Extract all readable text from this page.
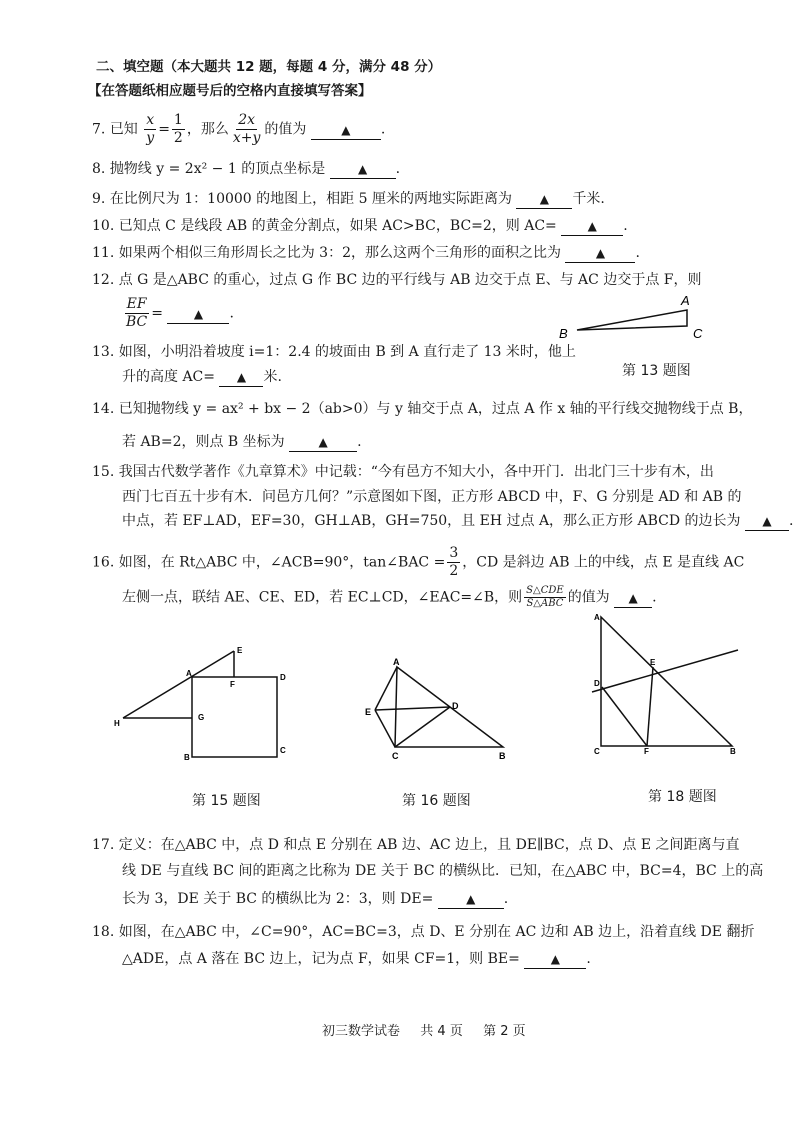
二、填空题（本大题共 12 题，每题 4 分，满分 48 分）
【在答题纸相应题号后的空格内直接填写答案】
7. 已知 $\frac{x}{y} = \frac{1}{2}$ ，那么 $\frac{2x}{x+y}$ 的值为	▲ .
8. 抛物线 y = 2x² − 1 的顶点坐标是	▲ .
9. 在比例尺为 1：10000 的地图上，相距 5 厘米的两地实际距离为 ▲ 千米.
10. 已知点 C 是线段 AB 的黄金分割点，如果 AC>BC，BC=2，则 AC=	▲ .
11. 如果两个相似三角形周长之比为 3：2，那么这两个三角形的面积之比为	▲ .
12. 点 G 是△ABC 的重心，过点 G 作 BC 边的平行线与 AB 边交于点 E、与 AC 边交于点 F，则
$\frac{EF}{BC}$ =	▲ .
A
B	C
13. 如图，小明沿着坡度 i=1：2.4 的坡面由 B 到 A 直行走了 13 米时，他上
升的高度 AC= ▲ 米.	第 13 题图
14. 已知抛物线 y = ax² + bx − 2（ab>0）与 y 轴交于点 A，过点 A 作 x 轴的平行线交抛物线于点 B，
若 AB=2，则点 B 坐标为	▲ .
15. 我国古代数学著作《九章算术》中记载：“今有邑方不知大小，各中开门．出北门三十步有木，出
西门七百五十步有木．问邑方几何？”示意图如下图，正方形 ABCD 中，F、G 分别是 AD 和 AB 的
中点，若 EF⊥AD，EF=30，GH⊥AB，GH=750，且 EH 过点 A，那么正方形 ABCD 的边长为 ▲ .
16. 如图，在 Rt△ABC 中，∠ACB=90°，tan∠BAC = $\frac{3}{2}$ ，CD 是斜边 AB 上的中线，点 E 是直线 AC
左侧一点，联结 AE、CE、ED，若 EC⊥CD，∠EAC=∠B，则 $\frac{\text{S△CDE}}{\text{S△ABC}}$ 的值为 ▲ .
E
A
F
D
G
H
B
C
A
E
D
C	B
A
D
E
C	F	B
第 15 题图	第 16 题图	第 18 题图
17. 定义：在△ABC 中，点 D 和点 E 分别在 AB 边、AC 边上，且 DE∥BC，点 D、点 E 之间距离与直
线 DE 与直线 BC 间的距离之比称为 DE 关于 BC 的横纵比．已知，在△ABC 中，BC=4，BC 上的高
长为 3，DE 关于 BC 的横纵比为 2：3，则 DE=	▲ .
18. 如图，在△ABC 中，∠C=90°，AC=BC=3，点 D、E 分别在 AC 边和 AB 边上，沿着直线 DE 翻折
△ADE，点 A 落在 BC 边上，记为点 F，如果 CF=1，则 BE=	▲ .
初三数学试卷 共 4 页 第 2 页
